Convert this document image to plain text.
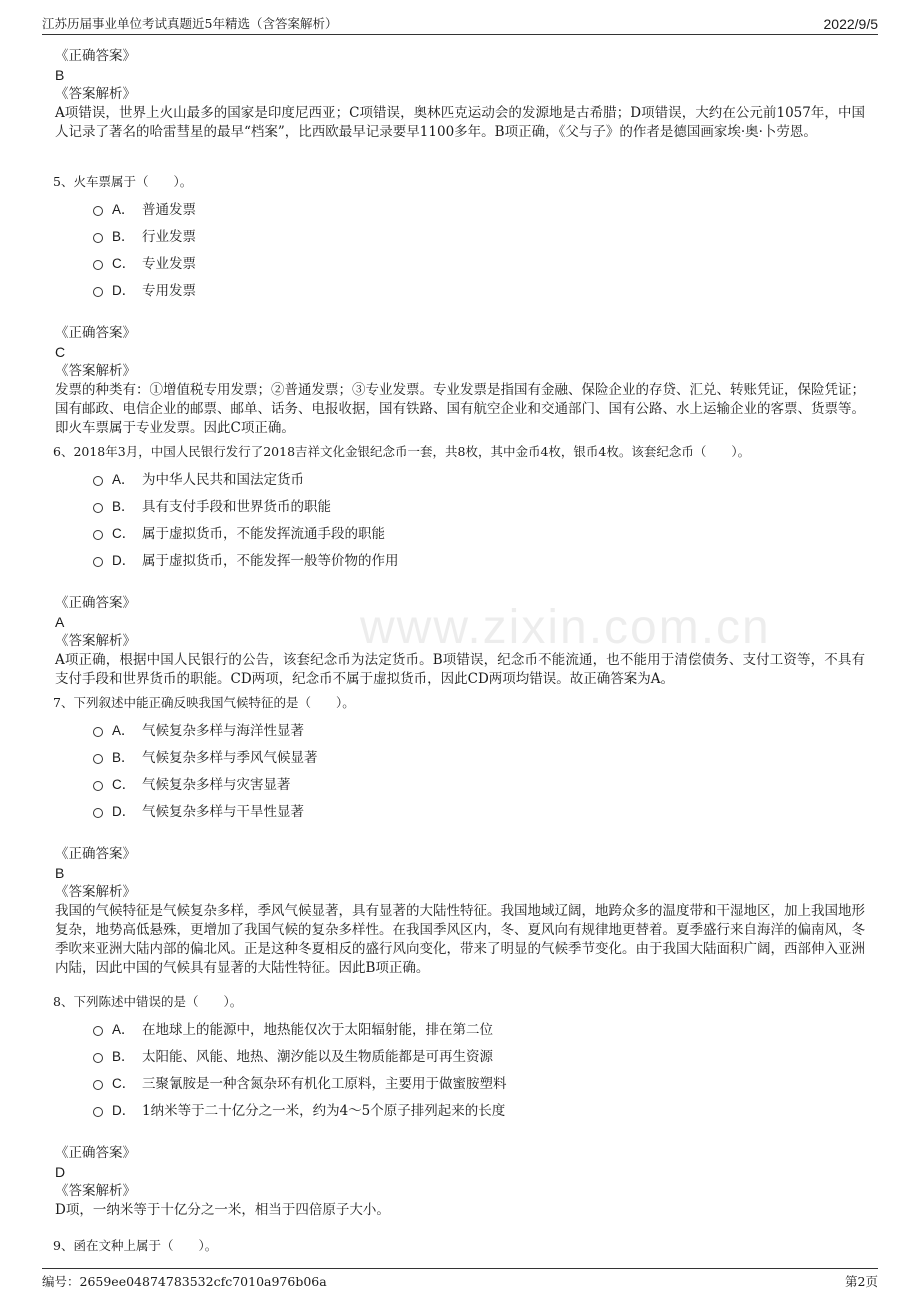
江苏历届事业单位考试真题近5年精选（含答案解析）	2022/9/5
www.zixin.com.cn
《正确答案》
B
《答案解析》

A项错误，世界上火山最多的国家是印度尼西亚；C项错误，奥林匹克运动会的发源地是古希腊；D项错误，大约在公元前1057年，中国人记录了著名的哈雷彗星的最早“档案”，比西欧最早记录要早1100多年。B项正确，《父与子》的作者是德国画家埃·奥·卜劳恩。

5、火车票属于（　　）。
A． 普通发票
B． 行业发票
C． 专业发票
D． 专用发票
《正确答案》
C
《答案解析》

发票的种类有：①增值税专用发票；②普通发票；③专业发票。专业发票是指国有金融、保险企业的存贷、汇兑、转账凭证，保险凭证；国有邮政、电信企业的邮票、邮单、话务、电报收据，国有铁路、国有航空企业和交通部门、国有公路、水上运输企业的客票、货票等。即火车票属于专业发票。因此C项正确。

6、2018年3月，中国人民银行发行了2018吉祥文化金银纪念币一套，共8枚，其中金币4枚，银币4枚。该套纪念币（　　）。
A． 为中华人民共和国法定货币
B． 具有支付手段和世界货币的职能
C． 属于虚拟货币，不能发挥流通手段的职能
D． 属于虚拟货币，不能发挥一般等价物的作用
《正确答案》
A
《答案解析》

A项正确，根据中国人民银行的公告，该套纪念币为法定货币。B项错误，纪念币不能流通，也不能用于清偿债务、支付工资等，不具有支付手段和世界货币的职能。CD两项，纪念币不属于虚拟货币，因此CD两项均错误。故正确答案为A。

7、下列叙述中能正确反映我国气候特征的是（　　）。
A． 气候复杂多样与海洋性显著
B． 气候复杂多样与季风气候显著
C． 气候复杂多样与灾害显著
D． 气候复杂多样与干旱性显著
《正确答案》
B
《答案解析》

我国的气候特征是气候复杂多样，季风气候显著，具有显著的大陆性特征。我国地域辽阔，地跨众多的温度带和干湿地区，加上我国地形复杂，地势高低悬殊，更增加了我国气候的复杂多样性。在我国季风区内，冬、夏风向有规律地更替着。夏季盛行来自海洋的偏南风，冬季吹来亚洲大陆内部的偏北风。正是这种冬夏相反的盛行风向变化，带来了明显的气候季节变化。由于我国大陆面积广阔，西部伸入亚洲内陆，因此中国的气候具有显著的大陆性特征。因此B项正确。

8、下列陈述中错误的是（　　）。
A． 在地球上的能源中，地热能仅次于太阳辐射能，排在第二位
B． 太阳能、风能、地热、潮汐能以及生物质能都是可再生资源
C． 三聚氰胺是一种含氮杂环有机化工原料，主要用于做蜜胺塑料
D． 1纳米等于二十亿分之一米，约为4～5个原子排列起来的长度
《正确答案》
D
《答案解析》

D项，一纳米等于十亿分之一米，相当于四倍原子大小。

9、函在文种上属于（　　）。
编号：2659ee04874783532cfc7010a976b06a	第2页
